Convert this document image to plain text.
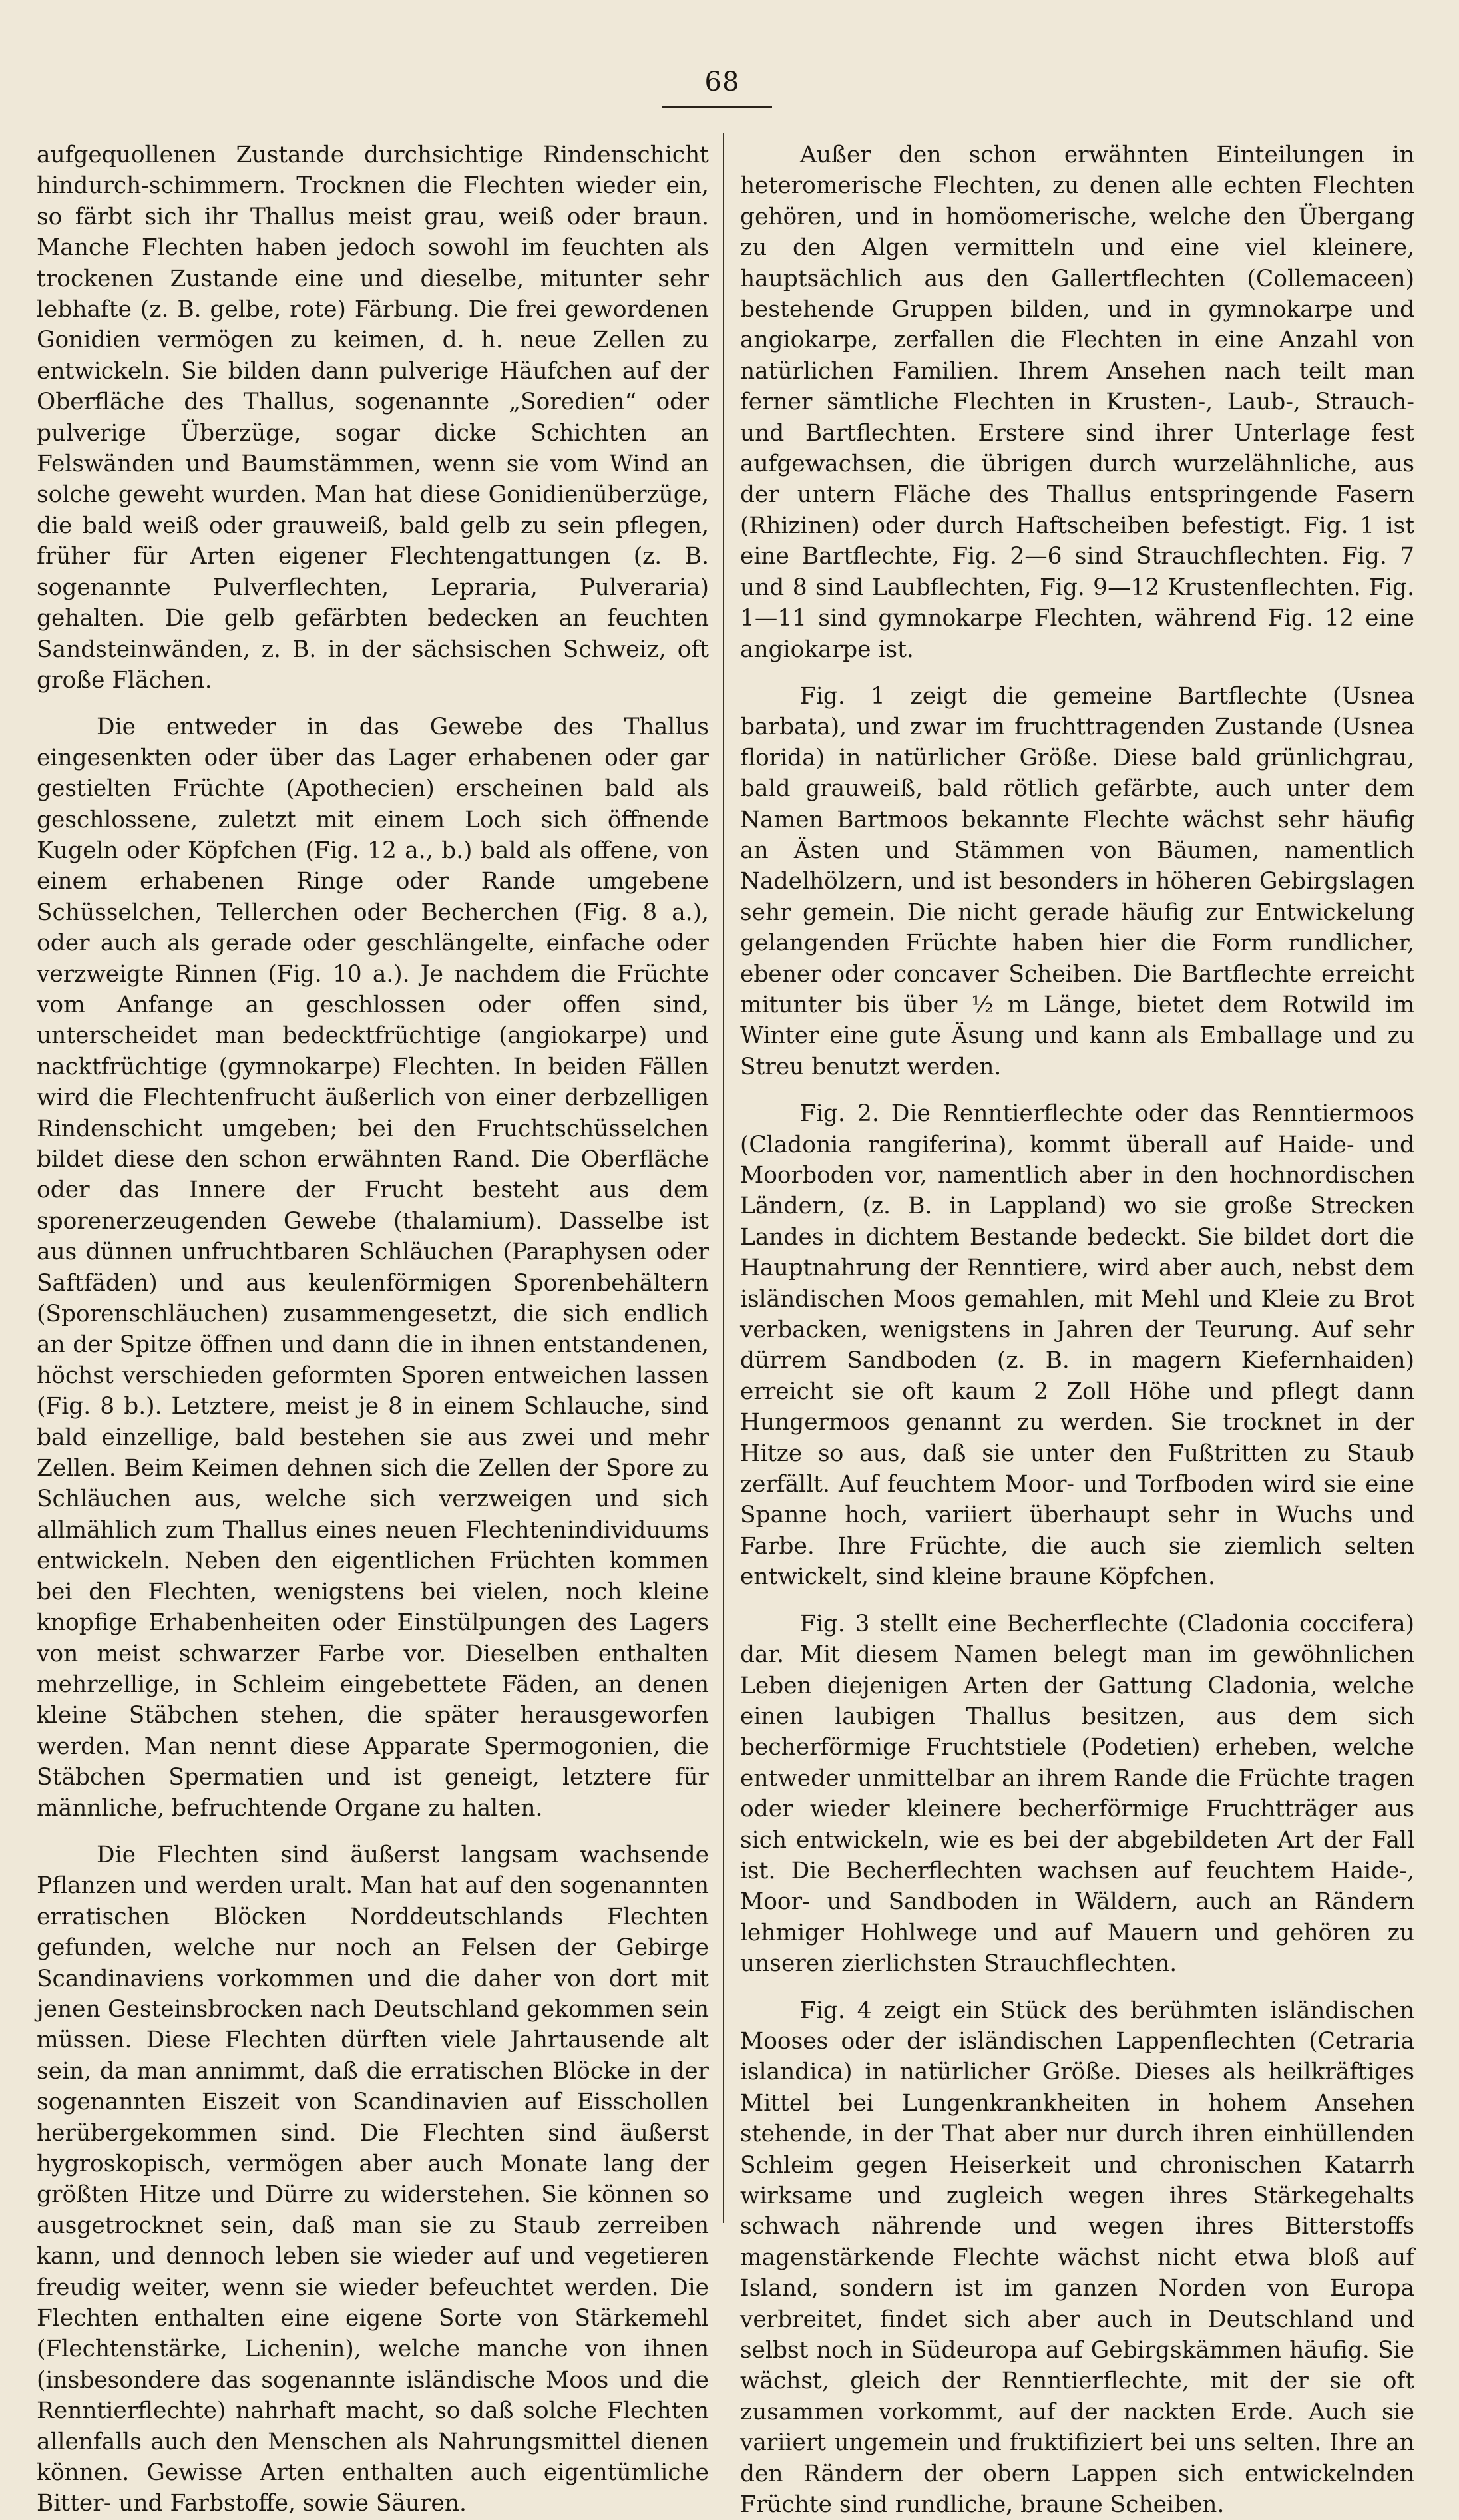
68

aufgequollenen Zustande durchsichtige Rindenschicht hindurch-schimmern. Trocknen die Flechten wieder ein, so färbt sich ihr Thallus meist grau, weiß oder braun. Manche Flechten haben jedoch sowohl im feuchten als trockenen Zustande eine und dieselbe, mitunter sehr lebhafte (z. B. gelbe, rote) Färbung. Die frei gewordenen Gonidien vermögen zu keimen, d. h. neue Zellen zu entwickeln. Sie bilden dann pulverige Häufchen auf der Oberfläche des Thallus, sogenannte „Soredien“ oder pulverige Überzüge, sogar dicke Schichten an Felswänden und Baumstämmen, wenn sie vom Wind an solche geweht wurden. Man hat diese Gonidienüberzüge, die bald weiß oder grauweiß, bald gelb zu sein pflegen, früher für Arten eigener Flechtengattungen (z. B. sogenannte Pulverflechten, Lepraria, Pulveraria) gehalten. Die gelb gefärbten bedecken an feuchten Sandsteinwänden, z. B. in der sächsischen Schweiz, oft große Flächen.

Die entweder in das Gewebe des Thallus eingesenkten oder über das Lager erhabenen oder gar gestielten Früchte (Apothecien) erscheinen bald als geschlossene, zuletzt mit einem Loch sich öffnende Kugeln oder Köpfchen (Fig. 12 a., b.) bald als offene, von einem erhabenen Ringe oder Rande umgebene Schüsselchen, Tellerchen oder Becherchen (Fig. 8 a.), oder auch als gerade oder geschlängelte, einfache oder verzweigte Rinnen (Fig. 10 a.). Je nachdem die Früchte vom Anfange an geschlossen oder offen sind, unterscheidet man bedecktfrüchtige (angiokarpe) und nacktfrüchtige (gymnokarpe) Flechten. In beiden Fällen wird die Flechtenfrucht äußerlich von einer derbzelligen Rindenschicht umgeben; bei den Fruchtschüsselchen bildet diese den schon erwähnten Rand. Die Oberfläche oder das Innere der Frucht besteht aus dem sporenerzeugenden Gewebe (thalamium). Dasselbe ist aus dünnen unfruchtbaren Schläuchen (Paraphysen oder Saftfäden) und aus keulenförmigen Sporenbehältern (Sporenschläuchen) zusammengesetzt, die sich endlich an der Spitze öffnen und dann die in ihnen entstandenen, höchst verschieden geformten Sporen entweichen lassen (Fig. 8 b.). Letztere, meist je 8 in einem Schlauche, sind bald einzellige, bald bestehen sie aus zwei und mehr Zellen. Beim Keimen dehnen sich die Zellen der Spore zu Schläuchen aus, welche sich verzweigen und sich allmählich zum Thallus eines neuen Flechtenindividuums entwickeln. Neben den eigentlichen Früchten kommen bei den Flechten, wenigstens bei vielen, noch kleine knopfige Erhabenheiten oder Einstülpungen des Lagers von meist schwarzer Farbe vor. Dieselben enthalten mehrzellige, in Schleim eingebettete Fäden, an denen kleine Stäbchen stehen, die später herausgeworfen werden. Man nennt diese Apparate Spermogonien, die Stäbchen Spermatien und ist geneigt, letztere für männliche, befruchtende Organe zu halten.

Die Flechten sind äußerst langsam wachsende Pflanzen und werden uralt. Man hat auf den sogenannten erratischen Blöcken Norddeutschlands Flechten gefunden, welche nur noch an Felsen der Gebirge Scandinaviens vorkommen und die daher von dort mit jenen Gesteinsbrocken nach Deutschland gekommen sein müssen. Diese Flechten dürften viele Jahrtausende alt sein, da man annimmt, daß die erratischen Blöcke in der sogenannten Eiszeit von Scandinavien auf Eisschollen herübergekommen sind. Die Flechten sind äußerst hygroskopisch, vermögen aber auch Monate lang der größten Hitze und Dürre zu widerstehen. Sie können so ausgetrocknet sein, daß man sie zu Staub zerreiben kann, und dennoch leben sie wieder auf und vegetieren freudig weiter, wenn sie wieder befeuchtet werden. Die Flechten enthalten eine eigene Sorte von Stärkemehl (Flechtenstärke, Lichenin), welche manche von ihnen (insbesondere das sogenannte isländische Moos und die Renntierflechte) nahrhaft macht, so daß solche Flechten allenfalls auch den Menschen als Nahrungsmittel dienen können. Gewisse Arten enthalten auch eigentümliche Bitter- und Farbstoffe, sowie Säuren.

Außer den schon erwähnten Einteilungen in heteromerische Flechten, zu denen alle echten Flechten gehören, und in homöomerische, welche den Übergang zu den Algen vermitteln und eine viel kleinere, hauptsächlich aus den Gallertflechten (Collemaceen) bestehende Gruppen bilden, und in gymnokarpe und angiokarpe, zerfallen die Flechten in eine Anzahl von natürlichen Familien. Ihrem Ansehen nach teilt man ferner sämtliche Flechten in Krusten-, Laub-, Strauch- und Bartflechten. Erstere sind ihrer Unterlage fest aufgewachsen, die übrigen durch wurzelähnliche, aus der untern Fläche des Thallus entspringende Fasern (Rhizinen) oder durch Haftscheiben befestigt. Fig. 1 ist eine Bartflechte, Fig. 2—6 sind Strauchflechten. Fig. 7 und 8 sind Laubflechten, Fig. 9—12 Krustenflechten. Fig. 1—11 sind gymnokarpe Flechten, während Fig. 12 eine angiokarpe ist.

Fig. 1 zeigt die gemeine Bartflechte (Usnea barbata), und zwar im fruchttragenden Zustande (Usnea florida) in natürlicher Größe. Diese bald grünlichgrau, bald grauweiß, bald rötlich gefärbte, auch unter dem Namen Bartmoos bekannte Flechte wächst sehr häufig an Ästen und Stämmen von Bäumen, namentlich Nadelhölzern, und ist besonders in höheren Gebirgslagen sehr gemein. Die nicht gerade häufig zur Entwickelung gelangenden Früchte haben hier die Form rundlicher, ebener oder concaver Scheiben. Die Bartflechte erreicht mitunter bis über ½ m Länge, bietet dem Rotwild im Winter eine gute Äsung und kann als Emballage und zu Streu benutzt werden.

Fig. 2. Die Renntierflechte oder das Renntiermoos (Cladonia rangiferina), kommt überall auf Haide- und Moorboden vor, namentlich aber in den hochnordischen Ländern, (z. B. in Lappland) wo sie große Strecken Landes in dichtem Bestande bedeckt. Sie bildet dort die Hauptnahrung der Renntiere, wird aber auch, nebst dem isländischen Moos gemahlen, mit Mehl und Kleie zu Brot verbacken, wenigstens in Jahren der Teurung. Auf sehr dürrem Sandboden (z. B. in magern Kiefernhaiden) erreicht sie oft kaum 2 Zoll Höhe und pflegt dann Hungermoos genannt zu werden. Sie trocknet in der Hitze so aus, daß sie unter den Fußtritten zu Staub zerfällt. Auf feuchtem Moor- und Torfboden wird sie eine Spanne hoch, variiert überhaupt sehr in Wuchs und Farbe. Ihre Früchte, die auch sie ziemlich selten entwickelt, sind kleine braune Köpfchen.

Fig. 3 stellt eine Becherflechte (Cladonia coccifera) dar. Mit diesem Namen belegt man im gewöhnlichen Leben diejenigen Arten der Gattung Cladonia, welche einen laubigen Thallus besitzen, aus dem sich becherförmige Fruchtstiele (Podetien) erheben, welche entweder unmittelbar an ihrem Rande die Früchte tragen oder wieder kleinere becherförmige Fruchtträger aus sich entwickeln, wie es bei der abgebildeten Art der Fall ist. Die Becherflechten wachsen auf feuchtem Haide-, Moor- und Sandboden in Wäldern, auch an Rändern lehmiger Hohlwege und auf Mauern und gehören zu unseren zierlichsten Strauchflechten.

Fig. 4 zeigt ein Stück des berühmten isländischen Mooses oder der isländischen Lappenflechten (Cetraria islandica) in natürlicher Größe. Dieses als heilkräftiges Mittel bei Lungenkrankheiten in hohem Ansehen stehende, in der That aber nur durch ihren einhüllenden Schleim gegen Heiserkeit und chronischen Katarrh wirksame und zugleich wegen ihres Stärkegehalts schwach nährende und wegen ihres Bitterstoffs magenstärkende Flechte wächst nicht etwa bloß auf Island, sondern ist im ganzen Norden von Europa verbreitet, findet sich aber auch in Deutschland und selbst noch in Südeuropa auf Gebirgskämmen häufig. Sie wächst, gleich der Renntierflechte, mit der sie oft zusammen vorkommt, auf der nackten Erde. Auch sie variiert ungemein und fruktifiziert bei uns selten. Ihre an den Rändern der obern Lappen sich entwickelnden Früchte sind rundliche, braune Scheiben.
